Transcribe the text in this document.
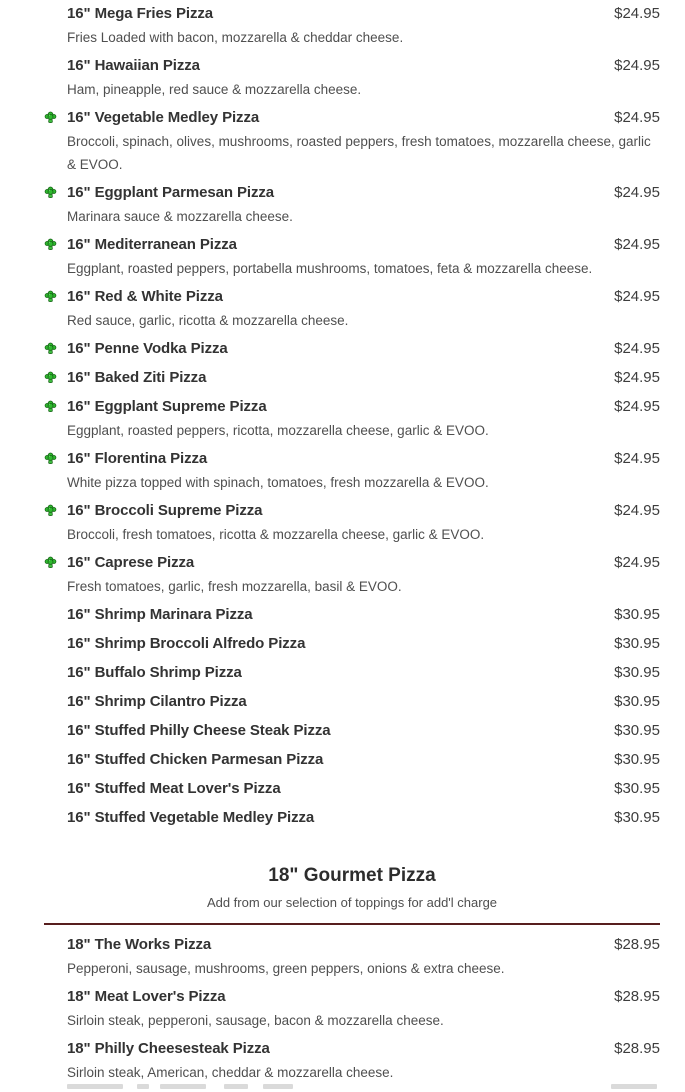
16" Mega Fries Pizza	$24.95
Fries Loaded with bacon, mozzarella & cheddar cheese.
16" Hawaiian Pizza	$24.95
Ham, pineapple, red sauce & mozzarella cheese.
16" Vegetable Medley Pizza	$24.95
Broccoli, spinach, olives, mushrooms, roasted peppers, fresh tomatoes, mozzarella cheese, garlic & EVOO.
16" Eggplant Parmesan Pizza	$24.95
Marinara sauce & mozzarella cheese.
16" Mediterranean Pizza	$24.95
Eggplant, roasted peppers, portabella mushrooms, tomatoes, feta & mozzarella cheese.
16" Red & White Pizza	$24.95
Red sauce, garlic, ricotta & mozzarella cheese.
16" Penne Vodka Pizza	$24.95
16" Baked Ziti Pizza	$24.95
16" Eggplant Supreme Pizza	$24.95
Eggplant, roasted peppers, ricotta, mozzarella cheese, garlic & EVOO.
16" Florentina Pizza	$24.95
White pizza topped with spinach, tomatoes, fresh mozzarella & EVOO.
16" Broccoli Supreme Pizza	$24.95
Broccoli, fresh tomatoes, ricotta & mozzarella cheese, garlic & EVOO.
16" Caprese Pizza	$24.95
Fresh tomatoes, garlic, fresh mozzarella, basil & EVOO.
16" Shrimp Marinara Pizza	$30.95
16" Shrimp Broccoli Alfredo Pizza	$30.95
16" Buffalo Shrimp Pizza	$30.95
16" Shrimp Cilantro Pizza	$30.95
16" Stuffed Philly Cheese Steak Pizza	$30.95
16" Stuffed Chicken Parmesan Pizza	$30.95
16" Stuffed Meat Lover's Pizza	$30.95
16" Stuffed Vegetable Medley Pizza	$30.95
18" Gourmet Pizza
Add from our selection of toppings for add'l charge
18" The Works Pizza	$28.95
Pepperoni, sausage, mushrooms, green peppers, onions & extra cheese.
18" Meat Lover's Pizza	$28.95
Sirloin steak, pepperoni, sausage, bacon & mozzarella cheese.
18" Philly Cheesesteak Pizza	$28.95
Sirloin steak, American, cheddar & mozzarella cheese.
